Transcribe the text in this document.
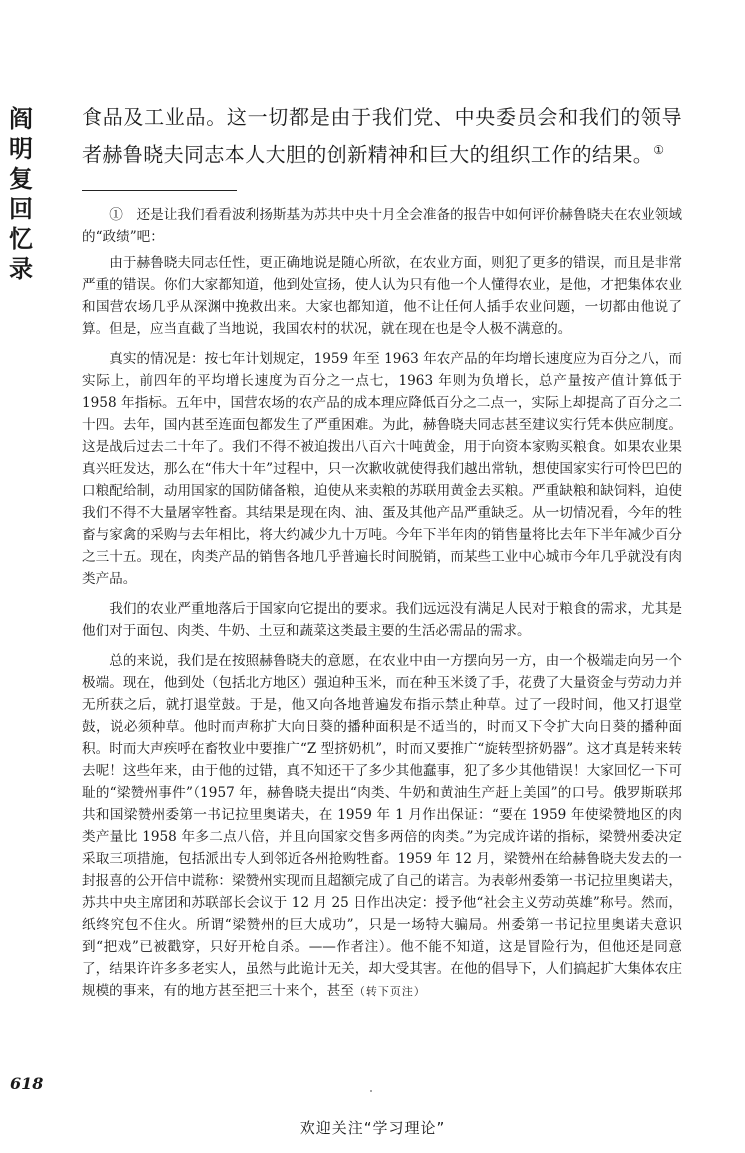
阎
明
复
回
忆
录
食品及工业品。这一切都是由于我们党、中央委员会和我们的领导者赫鲁晓夫同志本人大胆的创新精神和巨大的组织工作的结果。①

①　还是让我们看看波利扬斯基为苏共中央十月全会准备的报告中如何评价赫鲁晓夫在农业领域的“政绩”吧：

由于赫鲁晓夫同志任性，更正确地说是随心所欲，在农业方面，则犯了更多的错误，而且是非常严重的错误。你们大家都知道，他到处宣扬，使人认为只有他一个人懂得农业，是他，才把集体农业和国营农场几乎从深渊中挽救出来。大家也都知道，他不让任何人插手农业问题，一切都由他说了算。但是，应当直截了当地说，我国农村的状况，就在现在也是令人极不满意的。

真实的情况是：按七年计划规定，1959 年至 1963 年农产品的年均增长速度应为百分之八，而实际上，前四年的平均增长速度为百分之一点七，1963 年则为负增长，总产量按产值计算低于 1958 年指标。五年中，国营农场的农产品的成本理应降低百分之二点一，实际上却提高了百分之二十四。去年，国内甚至连面包都发生了严重困难。为此，赫鲁晓夫同志甚至建议实行凭本供应制度。这是战后过去二十年了。我们不得不被迫拨出八百六十吨黄金，用于向资本家购买粮食。如果农业果真兴旺发达，那么在“伟大十年”过程中，只一次歉收就使得我们越出常轨，想使国家实行可怜巴巴的口粮配给制，动用国家的国防储备粮，迫使从来卖粮的苏联用黄金去买粮。严重缺粮和缺饲料，迫使我们不得不大量屠宰牲畜。其结果是现在肉、油、蛋及其他产品严重缺乏。从一切情况看，今年的牲畜与家禽的采购与去年相比，将大约减少九十万吨。今年下半年肉的销售量将比去年下半年减少百分之三十五。现在，肉类产品的销售各地几乎普遍长时间脱销，而某些工业中心城市今年几乎就没有肉类产品。

我们的农业严重地落后于国家向它提出的要求。我们远远没有满足人民对于粮食的需求，尤其是他们对于面包、肉类、牛奶、土豆和蔬菜这类最主要的生活必需品的需求。

总的来说，我们是在按照赫鲁晓夫的意愿，在农业中由一方摆向另一方，由一个极端走向另一个极端。现在，他到处（包括北方地区）强迫种玉米，而在种玉米烫了手，花费了大量资金与劳动力并无所获之后，就打退堂鼓。于是，他又向各地普遍发布指示禁止种草。过了一段时间，他又打退堂鼓，说必须种草。他时而声称扩大向日葵的播种面积是不适当的，时而又下令扩大向日葵的播种面积。时而大声疾呼在畜牧业中要推广“Z 型挤奶机”，时而又要推广“旋转型挤奶器”。这才真是转来转去呢！这些年来，由于他的过错，真不知还干了多少其他蠢事，犯了多少其他错误！大家回忆一下可耻的“梁赞州事件”（1957 年，赫鲁晓夫提出“肉类、牛奶和黄油生产赶上美国”的口号。俄罗斯联邦共和国梁赞州委第一书记拉里奥诺夫，在 1959 年 1 月作出保证：“要在 1959 年使梁赞地区的肉类产量比 1958 年多二点八倍，并且向国家交售多两倍的肉类。”为完成许诺的指标，梁赞州委决定采取三项措施，包括派出专人到邻近各州抢购牲畜。1959 年 12 月，梁赞州在给赫鲁晓夫发去的一封报喜的公开信中谎称：梁赞州实现而且超额完成了自己的诺言。为表彰州委第一书记拉里奥诺夫，苏共中央主席团和苏联部长会议于 12 月 25 日作出决定：授予他“社会主义劳动英雄”称号。然而，纸终究包不住火。所谓“梁赞州的巨大成功”，只是一场特大骗局。州委第一书记拉里奥诺夫意识到“把戏”已被戳穿，只好开枪自杀。——作者注）。他不能不知道，这是冒险行为，但他还是同意了，结果许许多多老实人，虽然与此诡计无关，却大受其害。在他的倡导下，人们搞起扩大集体农庄规模的事来，有的地方甚至把三十来个，甚至（转下页注）

618
欢迎关注“学习理论”
